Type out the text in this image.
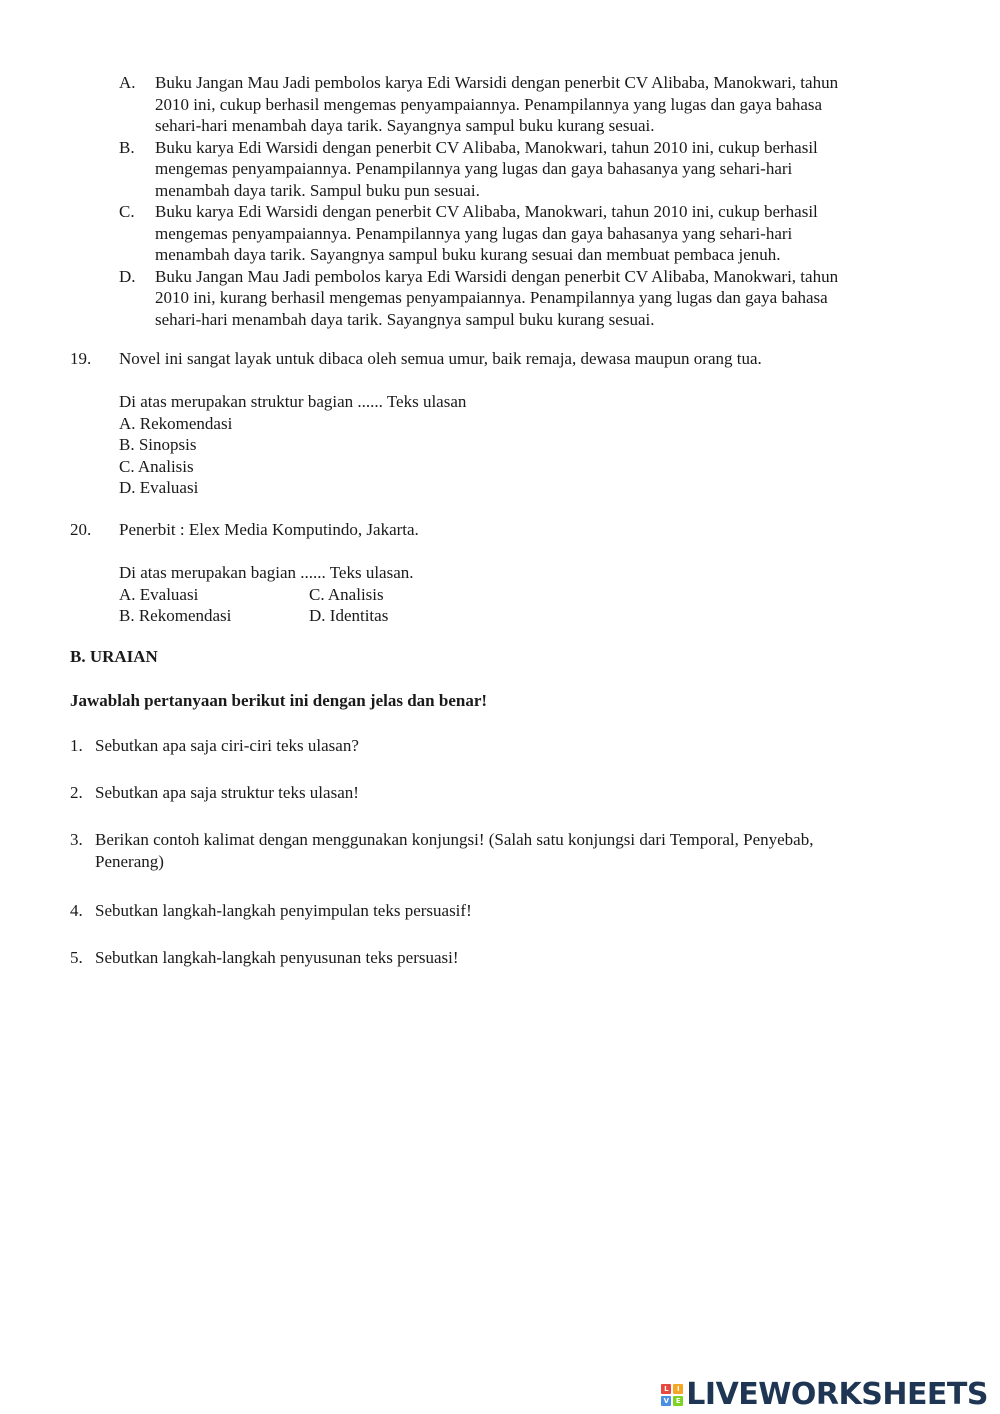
A. Buku Jangan Mau Jadi pembolos karya Edi Warsidi dengan penerbit CV Alibaba, Manokwari, tahun
2010 ini, cukup berhasil mengemas penyampaiannya. Penampilannya yang lugas dan gaya bahasa
sehari-hari menambah daya tarik. Sayangnya sampul buku kurang sesuai.
B. Buku karya Edi Warsidi dengan penerbit CV Alibaba, Manokwari, tahun 2010 ini, cukup berhasil
mengemas penyampaiannya. Penampilannya yang lugas dan gaya bahasanya yang sehari-hari
menambah daya tarik. Sampul buku pun sesuai.
C. Buku karya Edi Warsidi dengan penerbit CV Alibaba, Manokwari, tahun 2010 ini, cukup berhasil
mengemas penyampaiannya. Penampilannya yang lugas dan gaya bahasanya yang sehari-hari
menambah daya tarik. Sayangnya sampul buku kurang sesuai dan membuat pembaca jenuh.
D. Buku Jangan Mau Jadi pembolos karya Edi Warsidi dengan penerbit CV Alibaba, Manokwari, tahun
2010 ini, kurang berhasil mengemas penyampaiannya. Penampilannya yang lugas dan gaya bahasa
sehari-hari menambah daya tarik. Sayangnya sampul buku kurang sesuai.
19. Novel ini sangat layak untuk dibaca oleh semua umur, baik remaja, dewasa maupun orang tua.
Di atas merupakan struktur bagian ...... Teks ulasan
A. Rekomendasi
B. Sinopsis
C. Analisis
D. Evaluasi
20. Penerbit : Elex Media Komputindo, Jakarta.
Di atas merupakan bagian ...... Teks ulasan.
A. Evaluasi	C. Analisis
B. Rekomendasi	D. Identitas
B. URAIAN
Jawablah pertanyaan berikut ini dengan jelas dan benar!
1. Sebutkan apa saja ciri-ciri teks ulasan?
2. Sebutkan apa saja struktur teks ulasan!
3. Berikan contoh kalimat dengan menggunakan konjungsi! (Salah satu konjungsi dari Temporal, Penyebab,
Penerang)
4. Sebutkan langkah-langkah penyimpulan teks persuasif!
5. Sebutkan langkah-langkah penyusunan teks persuasi!
L	I
V E LIVEWORKSHEETS
